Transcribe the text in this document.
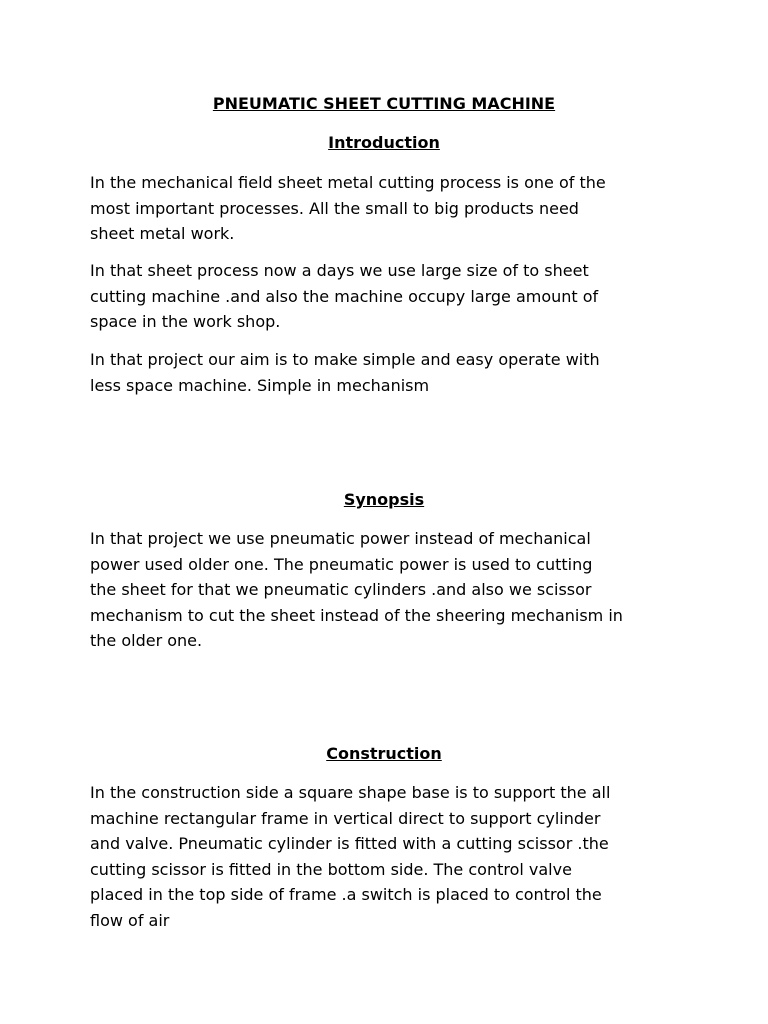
PNEUMATIC SHEET CUTTING MACHINE
Introduction

In the mechanical field sheet metal cutting process is one of the
most important processes. All the small to big products need
sheet metal work.

In that sheet process now a days we use large size of to sheet
cutting machine .and also the machine occupy large amount of
space in the work shop.

In that project our aim is to make simple and easy operate with
less space machine. Simple in mechanism

Synopsis

In that project we use pneumatic power instead of mechanical
power used older one. The pneumatic power is used to cutting
the sheet for that we pneumatic cylinders .and also we scissor
mechanism to cut the sheet instead of the sheering mechanism in
the older one.

Construction

In the construction side a square shape base is to support the all
machine rectangular frame in vertical direct to support cylinder
and valve. Pneumatic cylinder is fitted with a cutting scissor .the
cutting scissor is fitted in the bottom side. The control valve
placed in the top side of frame .a switch is placed to control the
flow of air
